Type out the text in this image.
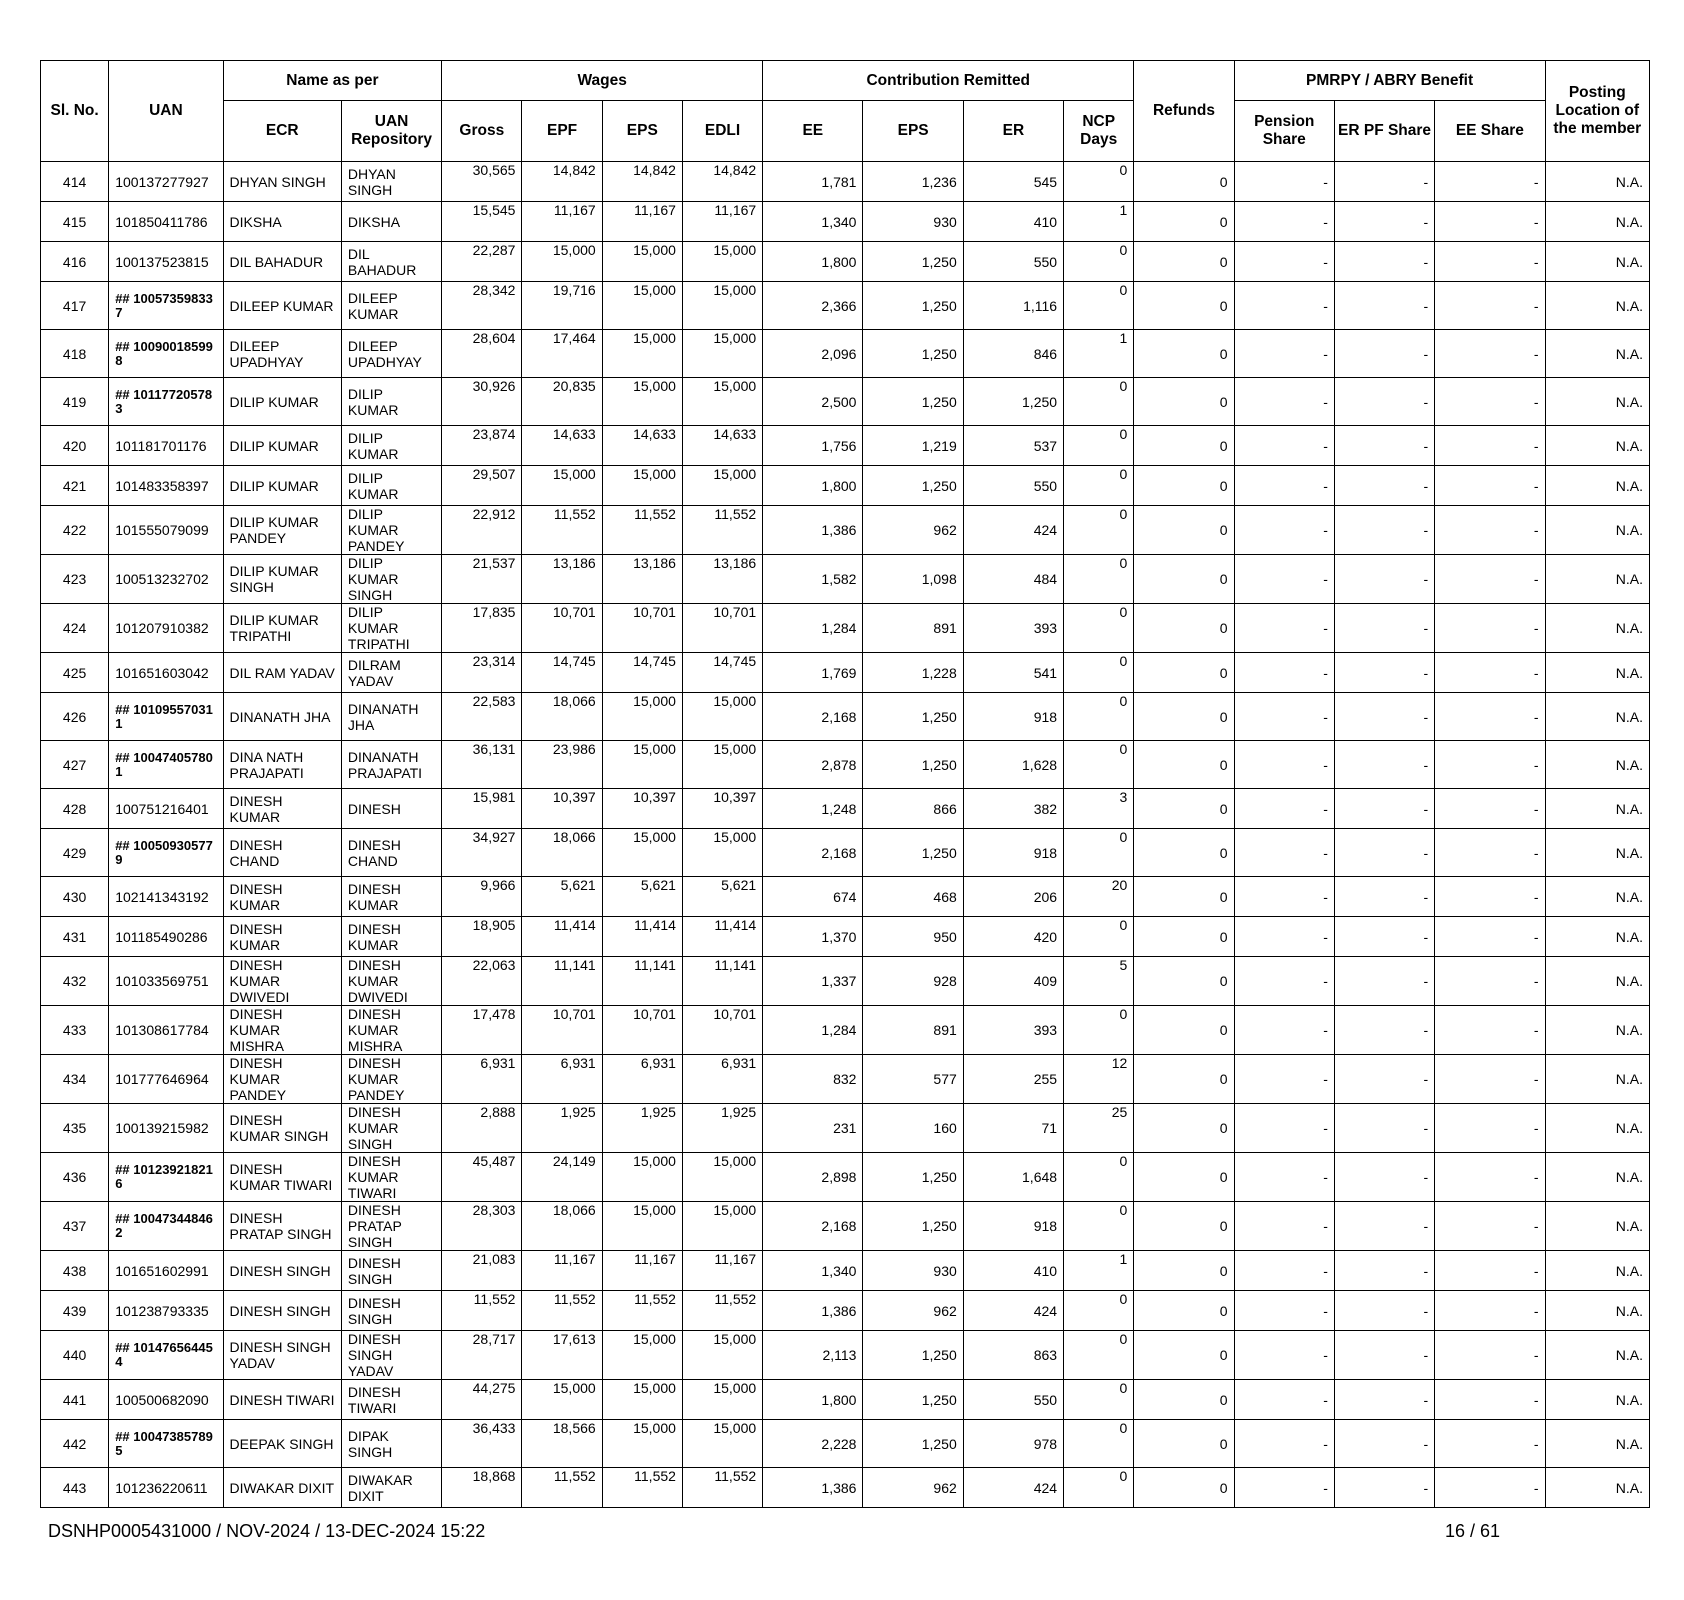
Sl. No.	UAN	Name as per		Wages				Contribution Remitted				Refunds	PMRPY / ABRY Benefit			Posting Location of the member
		ECR	UAN Repository	Gross	EPF	EPS	EDLI	EE	EPS	ER	NCP Days		Pension Share	ER PF Share	EE Share	
414	100137277927	DHYAN SINGH	DHYAN SINGH	30,565	14,842	14,842	14,842	1,781	1,236	545	0	0	-	-	-	N.A.
415	101850411786	DIKSHA	DIKSHA	15,545	11,167	11,167	11,167	1,340	930	410	1	0	-	-	-	N.A.
416	100137523815	DIL BAHADUR	DIL BAHADUR	22,287	15,000	15,000	15,000	1,800	1,250	550	0	0	-	-	-	N.A.
417	## 10057359833 7	DILEEP KUMAR	DILEEP KUMAR	28,342	19,716	15,000	15,000	2,366	1,250	1,116	0	0	-	-	-	N.A.
418	## 10090018599 8	DILEEP UPADHYAY	DILEEP UPADHYAY	28,604	17,464	15,000	15,000	2,096	1,250	846	1	0	-	-	-	N.A.
419	## 10117720578 3	DILIP KUMAR	DILIP KUMAR	30,926	20,835	15,000	15,000	2,500	1,250	1,250	0	0	-	-	-	N.A.
420	101181701176	DILIP KUMAR	DILIP KUMAR	23,874	14,633	14,633	14,633	1,756	1,219	537	0	0	-	-	-	N.A.
421	101483358397	DILIP KUMAR	DILIP KUMAR	29,507	15,000	15,000	15,000	1,800	1,250	550	0	0	-	-	-	N.A.
422	101555079099	DILIP KUMAR PANDEY	DILIP KUMAR PANDEY	22,912	11,552	11,552	11,552	1,386	962	424	0	0	-	-	-	N.A.
423	100513232702	DILIP KUMAR SINGH	DILIP KUMAR SINGH	21,537	13,186	13,186	13,186	1,582	1,098	484	0	0	-	-	-	N.A.
424	101207910382	DILIP KUMAR TRIPATHI	DILIP KUMAR TRIPATHI	17,835	10,701	10,701	10,701	1,284	891	393	0	0	-	-	-	N.A.
425	101651603042	DIL RAM YADAV	DILRAM YADAV	23,314	14,745	14,745	14,745	1,769	1,228	541	0	0	-	-	-	N.A.
426	## 10109557031 1	DINANATH JHA	DINANATH JHA	22,583	18,066	15,000	15,000	2,168	1,250	918	0	0	-	-	-	N.A.
427	## 10047405780 1	DINA NATH PRAJAPATI	DINANATH PRAJAPATI	36,131	23,986	15,000	15,000	2,878	1,250	1,628	0	0	-	-	-	N.A.
428	100751216401	DINESH KUMAR	DINESH	15,981	10,397	10,397	10,397	1,248	866	382	3	0	-	-	-	N.A.
429	## 10050930577 9	DINESH CHAND	DINESH CHAND	34,927	18,066	15,000	15,000	2,168	1,250	918	0	0	-	-	-	N.A.
430	102141343192	DINESH KUMAR	DINESH KUMAR	9,966	5,621	5,621	5,621	674	468	206	20	0	-	-	-	N.A.
431	101185490286	DINESH KUMAR	DINESH KUMAR	18,905	11,414	11,414	11,414	1,370	950	420	0	0	-	-	-	N.A.
432	101033569751	DINESH KUMAR DWIVEDI	DINESH KUMAR DWIVEDI	22,063	11,141	11,141	11,141	1,337	928	409	5	0	-	-	-	N.A.
433	101308617784	DINESH KUMAR MISHRA	DINESH KUMAR MISHRA	17,478	10,701	10,701	10,701	1,284	891	393	0	0	-	-	-	N.A.
434	101777646964	DINESH KUMAR PANDEY	DINESH KUMAR PANDEY	6,931	6,931	6,931	6,931	832	577	255	12	0	-	-	-	N.A.
435	100139215982	DINESH KUMAR SINGH	DINESH KUMAR SINGH	2,888	1,925	1,925	1,925	231	160	71	25	0	-	-	-	N.A.
436	## 10123921821 6	DINESH KUMAR TIWARI	DINESH KUMAR TIWARI	45,487	24,149	15,000	15,000	2,898	1,250	1,648	0	0	-	-	-	N.A.
437	## 10047344846 2	DINESH PRATAP SINGH	DINESH PRATAP SINGH	28,303	18,066	15,000	15,000	2,168	1,250	918	0	0	-	-	-	N.A.
438	101651602991	DINESH SINGH	DINESH SINGH	21,083	11,167	11,167	11,167	1,340	930	410	1	0	-	-	-	N.A.
439	101238793335	DINESH SINGH	DINESH SINGH	11,552	11,552	11,552	11,552	1,386	962	424	0	0	-	-	-	N.A.
440	## 10147656445 4	DINESH SINGH YADAV	DINESH SINGH YADAV	28,717	17,613	15,000	15,000	2,113	1,250	863	0	0	-	-	-	N.A.
441	100500682090	DINESH TIWARI	DINESH TIWARI	44,275	15,000	15,000	15,000	1,800	1,250	550	0	0	-	-	-	N.A.
442	## 10047385789 5	DEEPAK SINGH	DIPAK SINGH	36,433	18,566	15,000	15,000	2,228	1,250	978	0	0	-	-	-	N.A.
443	101236220611	DIWAKAR DIXIT	DIWAKAR DIXIT	18,868	11,552	11,552	11,552	1,386	962	424	0	0	-	-	-	N.A.
DSNHP0005431000 / NOV-2024 / 13-DEC-2024 15:22	16 / 61
